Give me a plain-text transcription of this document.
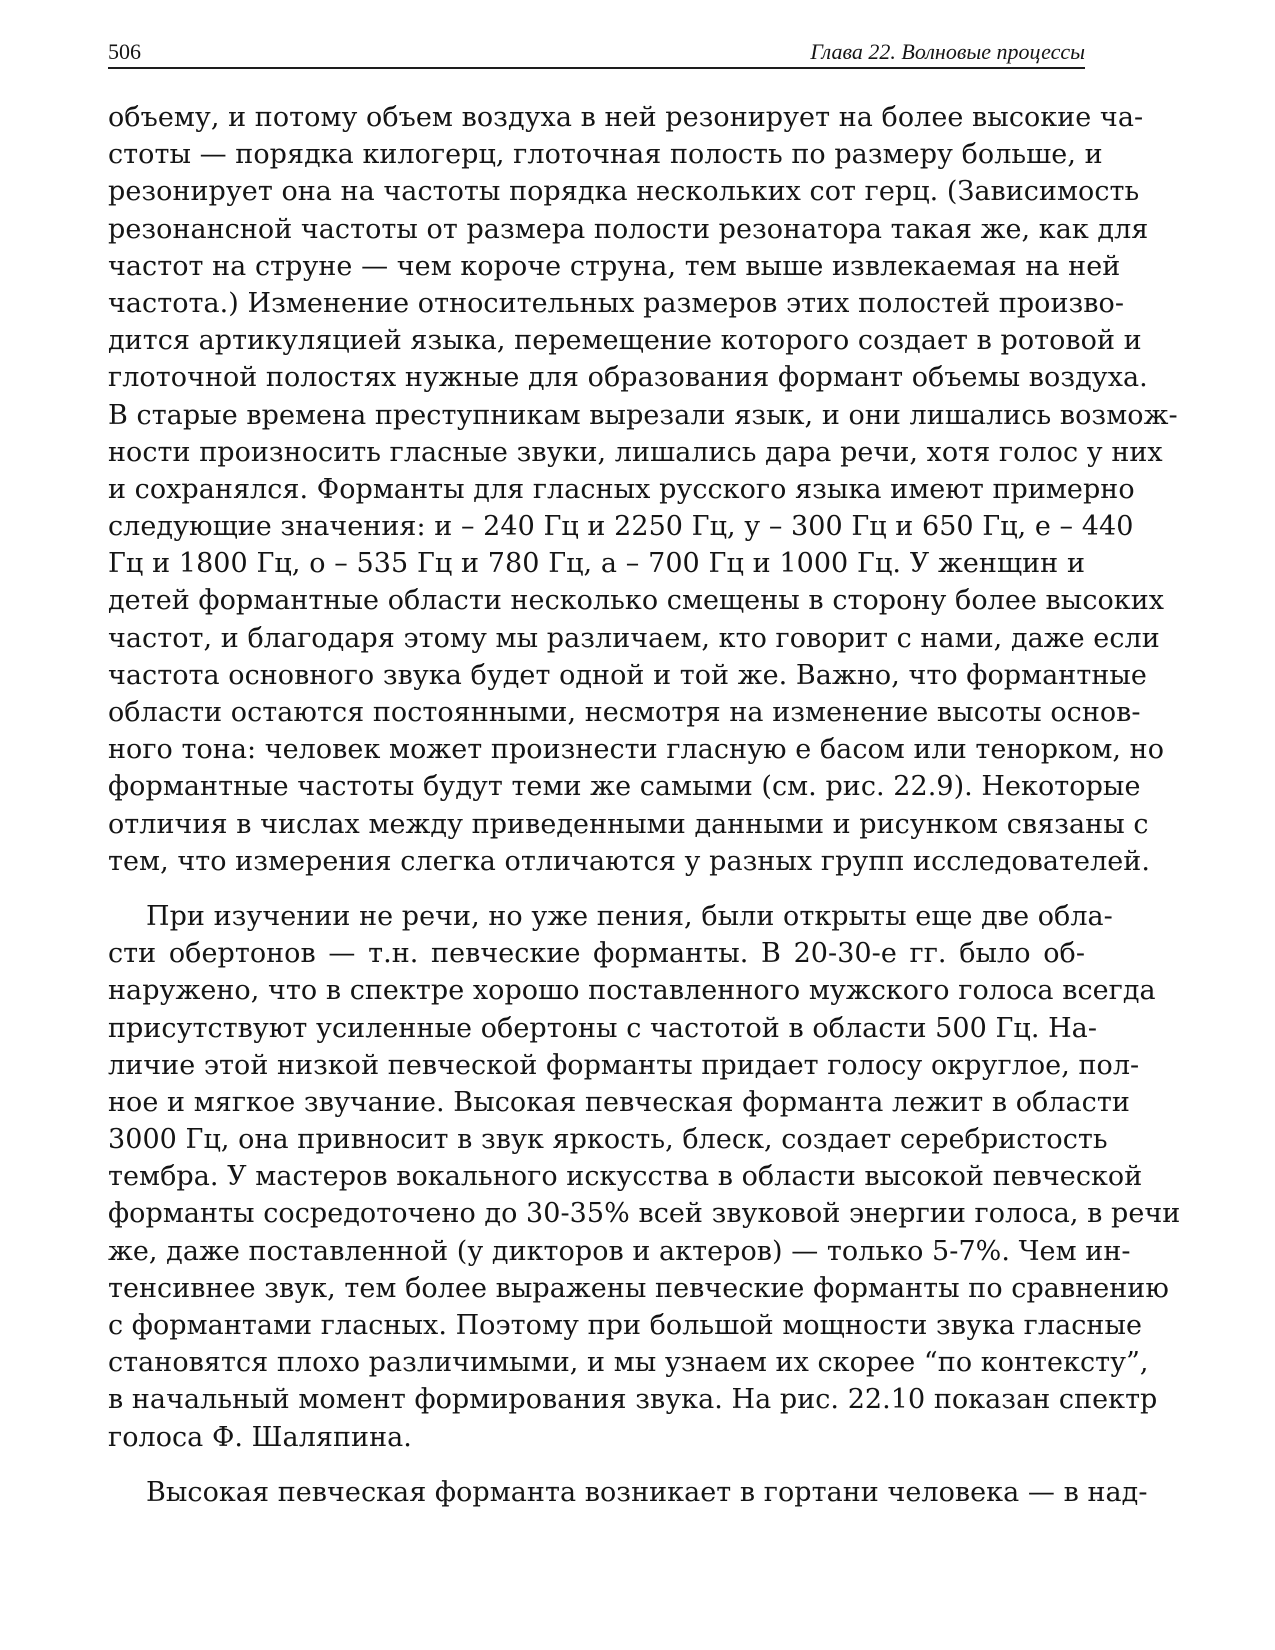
506	Глава 22. Волновые процессы
объему, и потому объем воздуха в ней резонирует на более высокие ча-
стоты — порядка килогерц, глоточная полость по размеру больше, и
резонирует она на частоты порядка нескольких сот герц. (Зависимость
резонансной частоты от размера полости резонатора такая же, как для
частот на струне — чем короче струна, тем выше извлекаемая на ней
частота.) Изменение относительных размеров этих полостей произво-
дится артикуляцией языка, перемещение которого создает в ротовой и
глоточной полостях нужные для образования формант объемы воздуха.
В старые времена преступникам вырезали язык, и они лишались возмож-
ности произносить гласные звуки, лишались дара речи, хотя голос у них
и сохранялся. Форманты для гласных русского языка имеют примерно
следующие значения: и – 240 Гц и 2250 Гц, у – 300 Гц и 650 Гц, е – 440
Гц и 1800 Гц, о – 535 Гц и 780 Гц, а – 700 Гц и 1000 Гц. У женщин и
детей формантные области несколько смещены в сторону более высоких
частот, и благодаря этому мы различаем, кто говорит с нами, даже если
частота основного звука будет одной и той же. Важно, что формантные
области остаются постоянными, несмотря на изменение высоты основ-
ного тона: человек может произнести гласную е басом или тенорком, но
формантные частоты будут теми же самыми (см. рис. 22.9). Некоторые
отличия в числах между приведенными данными и рисунком связаны с
тем, что измерения слегка отличаются у разных групп исследователей.
При изучении не речи, но уже пения, были открыты еще две обла-
сти обертонов — т.н. певческие форманты. В 20-30-е гг. было об-
наружено, что в спектре хорошо поставленного мужского голоса всегда
присутствуют усиленные обертоны с частотой в области 500 Гц. На-
личие этой низкой певческой форманты придает голосу округлое, пол-
ное и мягкое звучание. Высокая певческая форманта лежит в области
3000 Гц, она привносит в звук яркость, блеск, создает серебристость
тембра. У мастеров вокального искусства в области высокой певческой
форманты сосредоточено до 30-35% всей звуковой энергии голоса, в речи
же, даже поставленной (у дикторов и актеров) — только 5-7%. Чем ин-
тенсивнее звук, тем более выражены певческие форманты по сравнению
с формантами гласных. Поэтому при большой мощности звука гласные
становятся плохо различимыми, и мы узнаем их скорее “по контексту”,
в начальный момент формирования звука. На рис. 22.10 показан спектр
голоса Ф. Шаляпина.
Высокая певческая форманта возникает в гортани человека — в над-
